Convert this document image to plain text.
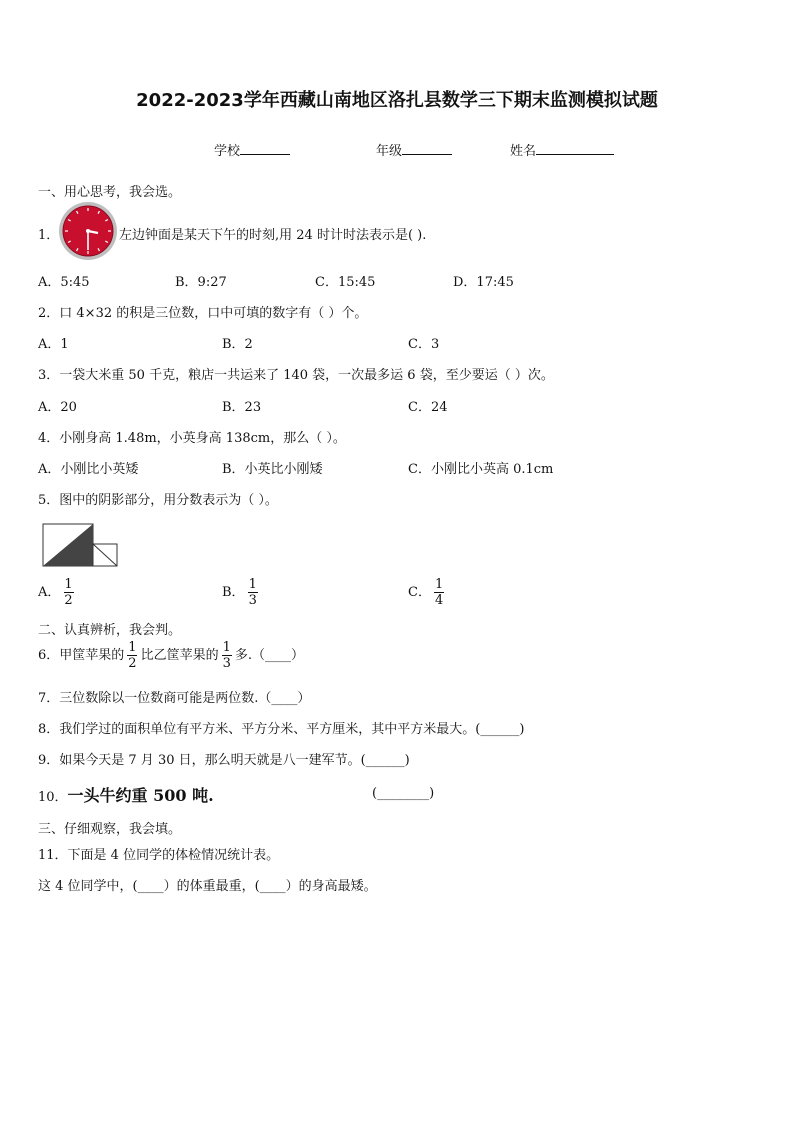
2022-2023学年西藏山南地区洛扎县数学三下期末监测模拟试题
学校	年级	姓名
一、用心思考，我会选。
1．	左边钟面是某天下午的时刻,用 24 时计时法表示是( ).
A．5:45	B．9:27	C．15:45	D．17:45
2．口 4×32 的积是三位数，口中可填的数字有（ ）个。
A．1	B．2	C．3
3．一袋大米重 50 千克，粮店一共运来了 140 袋，一次最多运 6 袋，至少要运（ ）次。
A．20	B．23	C．24
4．小刚身高 1.48m，小英身高 138cm，那么（ ）。
A．小刚比小英矮	B．小英比小刚矮	C．小刚比小英高 0.1cm
5．图中的阴影部分，用分数表示为（ ）。
A． $\frac{1}{2}$	B． $\frac{1}{3}$	C． $\frac{1}{4}$
二、认真辨析，我会判。
6．甲筐苹果的 $\frac{1}{2}$ 比乙筐苹果的 $\frac{1}{3}$ 多.（____）
7．三位数除以一位数商可能是两位数.（____）
8．我们学过的面积单位有平方米、平方分米、平方厘米，其中平方米最大。(______)
9．如果今天是 7 月 30 日，那么明天就是八一建军节。(______)
10．一头牛约重 500 吨.	(________)
三、仔细观察，我会填。
11．下面是 4 位同学的体检情况统计表。
这 4 位同学中，(____）的体重最重，(____）的身高最矮。
